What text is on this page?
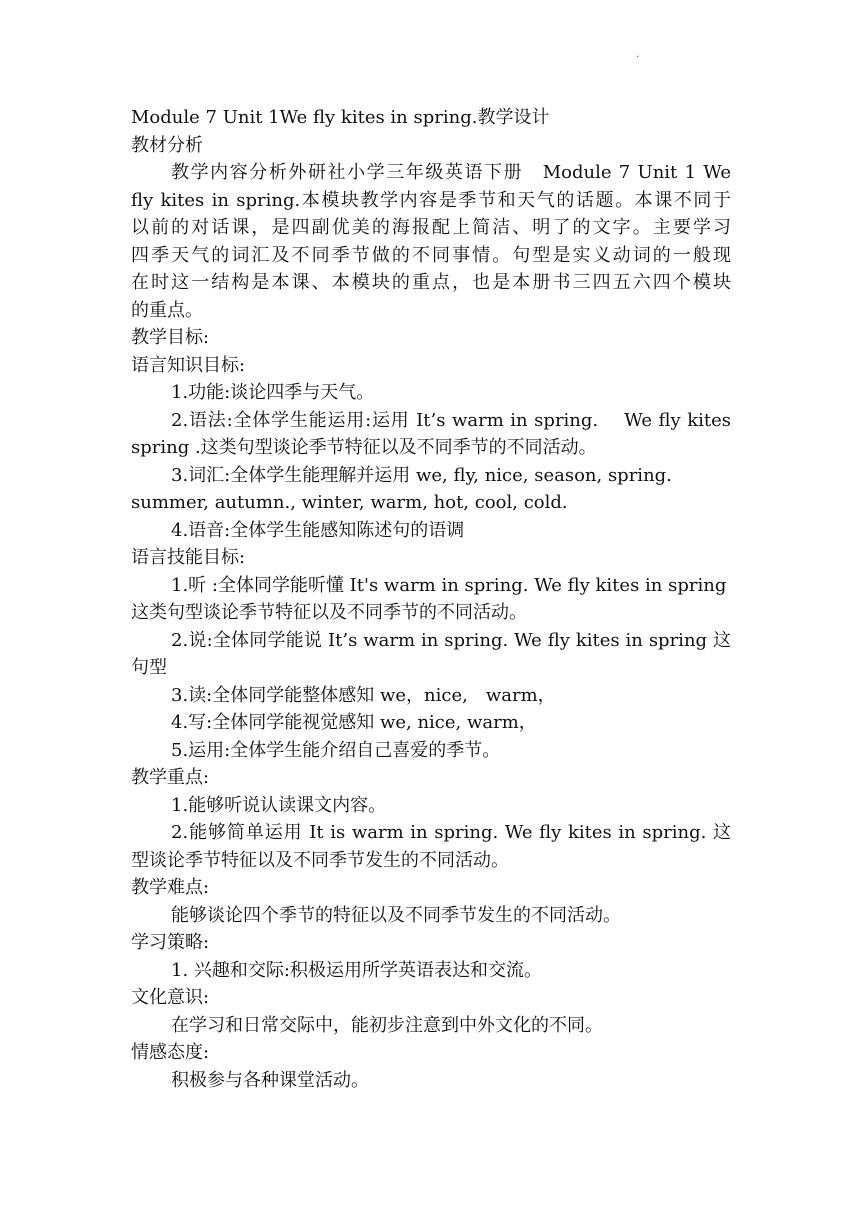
·
Module 7 Unit 1We fly kites in spring.教学设计
教材分析
教学内容分析外研社小学三年级英语下册　Module 7 Unit 1 We
fly kites in spring.本模块教学内容是季节和天气的话题。本课不同于
以前的对话课，是四副优美的海报配上简洁、明了的文字。主要学习
四季天气的词汇及不同季节做的不同事情。句型是实义动词的一般现
在时这一结构是本课、本模块的重点，也是本册书三四五六四个模块
的重点。
教学目标:
语言知识目标:
1.功能:谈论四季与天气。
2.语法:全体学生能运用:运用 It’s warm in spring.　 We fly kites
spring .这类句型谈论季节特征以及不同季节的不同活动。
3.词汇:全体学生能理解并运用 we, fly, nice, season, spring.
summer, autumn., winter, warm, hot, cool, cold.
4.语音:全体学生能感知陈述句的语调
语言技能目标:
1.听 :全体同学能听懂 It's warm in spring. We fly kites in spring
这类句型谈论季节特征以及不同季节的不同活动。
2.说:全体同学能说 It’s warm in spring. We fly kites in spring 这
句型
3.读:全体同学能整体感知 we，nice,　warm，
4.写:全体同学能视觉感知 we, nice, warm，
5.运用:全体学生能介绍自己喜爱的季节。
教学重点:
1.能够听说认读课文内容。
2.能够简单运用 It is warm in spring. We fly kites in spring. 这
型谈论季节特征以及不同季节发生的不同活动。
教学难点:
能够谈论四个季节的特征以及不同季节发生的不同活动。
学习策略:
1. 兴趣和交际:积极运用所学英语表达和交流。
文化意识:
在学习和日常交际中，能初步注意到中外文化的不同。
情感态度:
积极参与各种课堂活动。
